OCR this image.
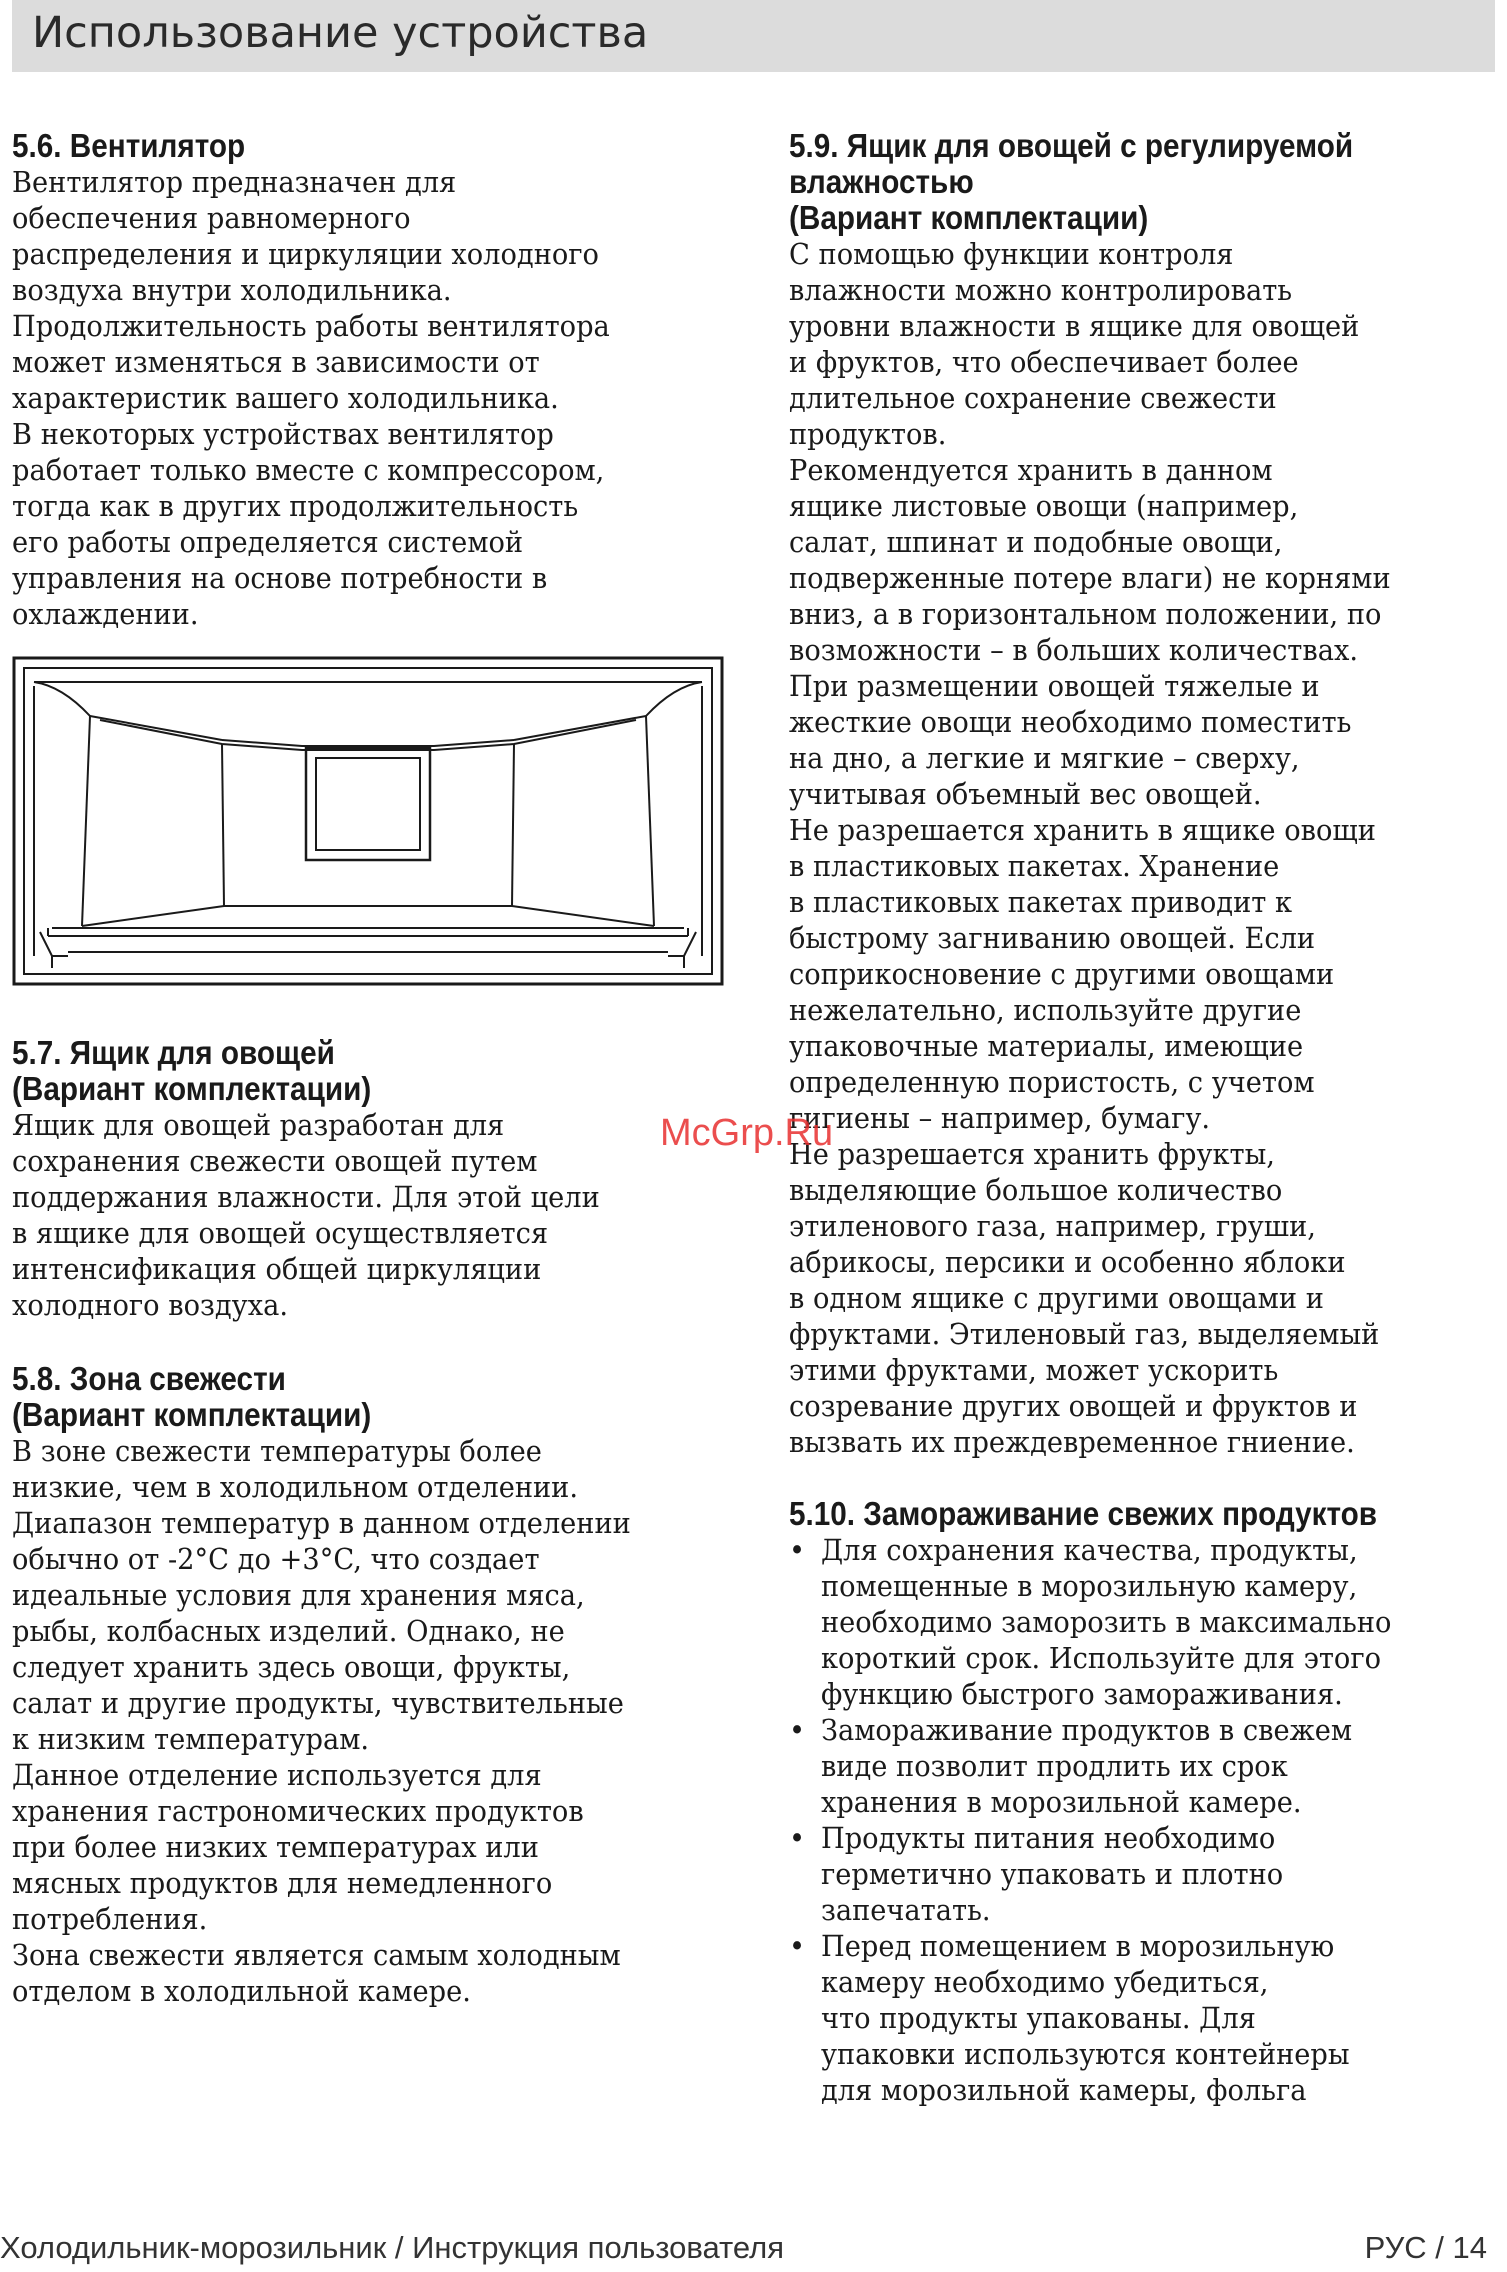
Использование устройства
5.6. Вентилятор

Вентилятор предназначен для
обеспечения равномерного
распределения и циркуляции холодного
воздуха внутри холодильника.
Продолжительность работы вентилятора
может изменяться в зависимости от
характеристик вашего холодильника.
В некоторых устройствах вентилятор
работает только вместе с компрессором,
тогда как в других продолжительность
его работы определяется системой
управления на основе потребности в
охлаждении.

5.7. Ящик для овощей
(Вариант комплектации)

Ящик для овощей разработан для
сохранения свежести овощей путем
поддержания влажности. Для этой цели
в ящике для овощей осуществляется
интенсификация общей циркуляции
холодного воздуха.

5.8. Зона свежести
(Вариант комплектации)

В зоне свежести температуры более
низкие, чем в холодильном отделении.
Диапазон температур в данном отделении
обычно от -2°C до +3°C, что создает
идеальные условия для хранения мяса,
рыбы, колбасных изделий. Однако, не
следует хранить здесь овощи, фрукты,
салат и другие продукты, чувствительные
к низким температурам.
Данное отделение используется для
хранения гастрономических продуктов
при более низких температурах или
мясных продуктов для немедленного
потребления.
Зона свежести является самым холодным
отделом в холодильной камере.

5.9. Ящик для овощей с регулируемой
влажностью
(Вариант комплектации)

С помощью функции контроля
влажности можно контролировать
уровни влажности в ящике для овощей
и фруктов, что обеспечивает более
длительное сохранение свежести
продуктов.
Рекомендуется хранить в данном
ящике листовые овощи (например,
салат, шпинат и подобные овощи,
подверженные потере влаги) не корнями
вниз, а в горизонтальном положении, по
возможности – в больших количествах.
При размещении овощей тяжелые и
жесткие овощи необходимо поместить
на дно, а легкие и мягкие – сверху,
учитывая объемный вес овощей.
Не разрешается хранить в ящике овощи
в пластиковых пакетах. Хранение
в пластиковых пакетах приводит к
быстрому загниванию овощей. Если
соприкосновение с другими овощами
нежелательно, используйте другие
упаковочные материалы, имеющие
определенную пористость, с учетом
гигиены – например, бумагу.
Не разрешается хранить фрукты,
выделяющие большое количество
этиленового газа, например, груши,
абрикосы, персики и особенно яблоки
в одном ящике с другими овощами и
фруктами. Этиленовый газ, выделяемый
этими фруктами, может ускорить
созревание других овощей и фруктов и
вызвать их преждевременное гниение.

5.10. Замораживание свежих продуктов
• Для сохранения качества, продукты,
помещенные в морозильную камеру,
необходимо заморозить в максимально
короткий срок. Используйте для этого
функцию быстрого замораживания.
• Замораживание продуктов в свежем
виде позволит продлить их срок
хранения в морозильной камере.
• Продукты питания необходимо
герметично упаковать и плотно
запечатать.
• Перед помещением в морозильную
камеру необходимо убедиться,
что продукты упакованы. Для
упаковки используются контейнеры
для морозильной камеры, фольга
McGrp.Ru
Холодильник-морозильник / Инструкция пользователя	РУС / 14
